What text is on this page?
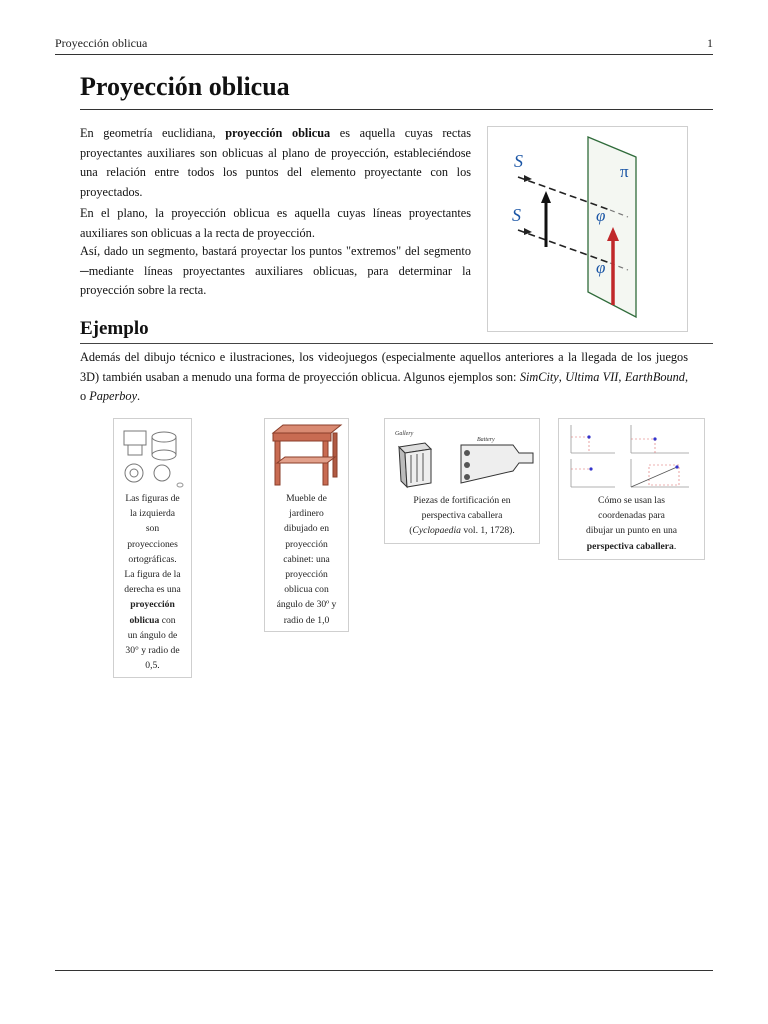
Proyección oblicua	1
Proyección oblicua

En geometría euclidiana, proyección oblicua es aquella cuyas rectas proyectantes auxiliares son oblicuas al plano de proyección, estableciéndose una relación entre todos los puntos del elemento proyectante con los proyectados.

En el plano, la proyección oblicua es aquella cuyas líneas proyectantes auxiliares son oblicuas a la recta de proyección.

Así, dado un segmento, bastará proyectar los puntos "extremos" del segmento ─mediante líneas proyectantes auxiliares oblicuas, para determinar la proyección sobre la recta.

S
S
π
φ
φ
Ejemplo

Además del dibujo técnico e ilustraciones, los videojuegos (especialmente aquellos anteriores a la llegada de los juegos 3D) también usaban a menudo una forma de proyección oblicua. Algunos ejemplos son: SimCity, Ultima VII, EarthBound, o Paperboy.

Las figuras de
la izquierda
son
proyecciones
ortográficas.
La figura de la
derecha es una
proyección
oblicua con
un ángulo de
30° y radio de
0,5.
Mueble de
jardinero
dibujado en
proyección
cabinet: una
proyección
oblicua con
ángulo de 30º y
radio de 1,0
Gallery
Battery
Piezas de fortificación en
perspectiva caballera
(Cyclopaedia vol. 1, 1728).
Cómo se usan las
coordenadas para
dibujar un punto en una
perspectiva caballera.
